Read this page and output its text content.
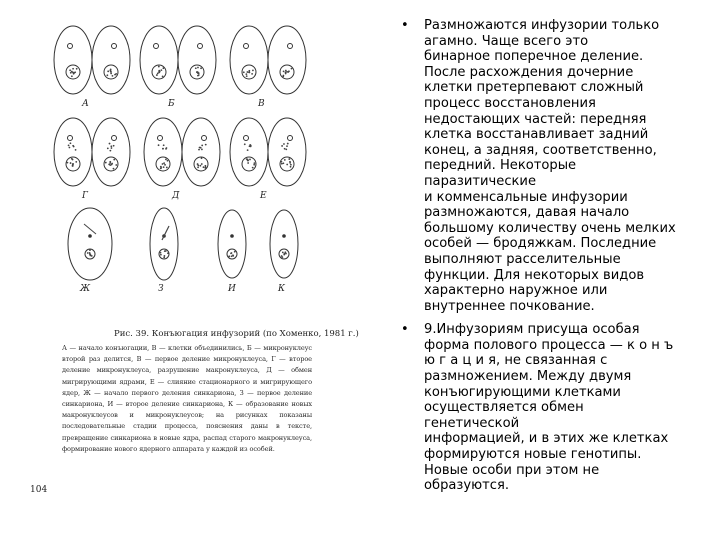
А	Б	В
Г	Д	Е
Ж	З	И	К
Рис. 39. Конъюгация инфузорий (по Хоменко, 1981 г.)
А — начало конъюгации, В — клетки объединились, Б — микронуклеус второй раз делится, В — первое деление микронуклеуса, Г — второе деление микронуклеуса, разрушение макронуклеуса, Д — обмен мигрирующими ядрами, Е — слияние стационарного и мигрирующего ядер, Ж — начало первого деления синкариона, З — первое деление синкариона, И — второе деление синкариона, К — образование новых макронуклеусов и микронуклеусов; на рисунках показаны последовательные стадии процесса, пояснения даны в тексте, превращение синкариона в новые ядра, распад старого макронуклеуса, формирование нового ядерного аппарата у каждой из особей.
104
• Размножаются инфузории только
агамно. Чаще всего это
бинарное поперечное деление.
После расхождения дочерние
клетки претерпевают сложный
процесс восстановления
недостающих частей: передняя
клетка восстанавливает задний
конец, а задняя, соответственно,
передний. Некоторые
паразитические
и комменсальные инфузории
размножаются, давая начало
большому количеству очень мелких
особей — бродяжкам. Последние
выполняют расселительные
функции. Для некоторых видов
характерно наружное или
внутреннее почкование.
• 9.Инфузориям присуща особая
форма полового процесса — к о н ъ
ю г а ц и я, не связанная с
размножением. Между двумя
конъюгирующими клетками
осуществляется обмен генетической
информацией, и в этих же клетках
формируются новые генотипы.
Новые особи при этом не
образуются.
